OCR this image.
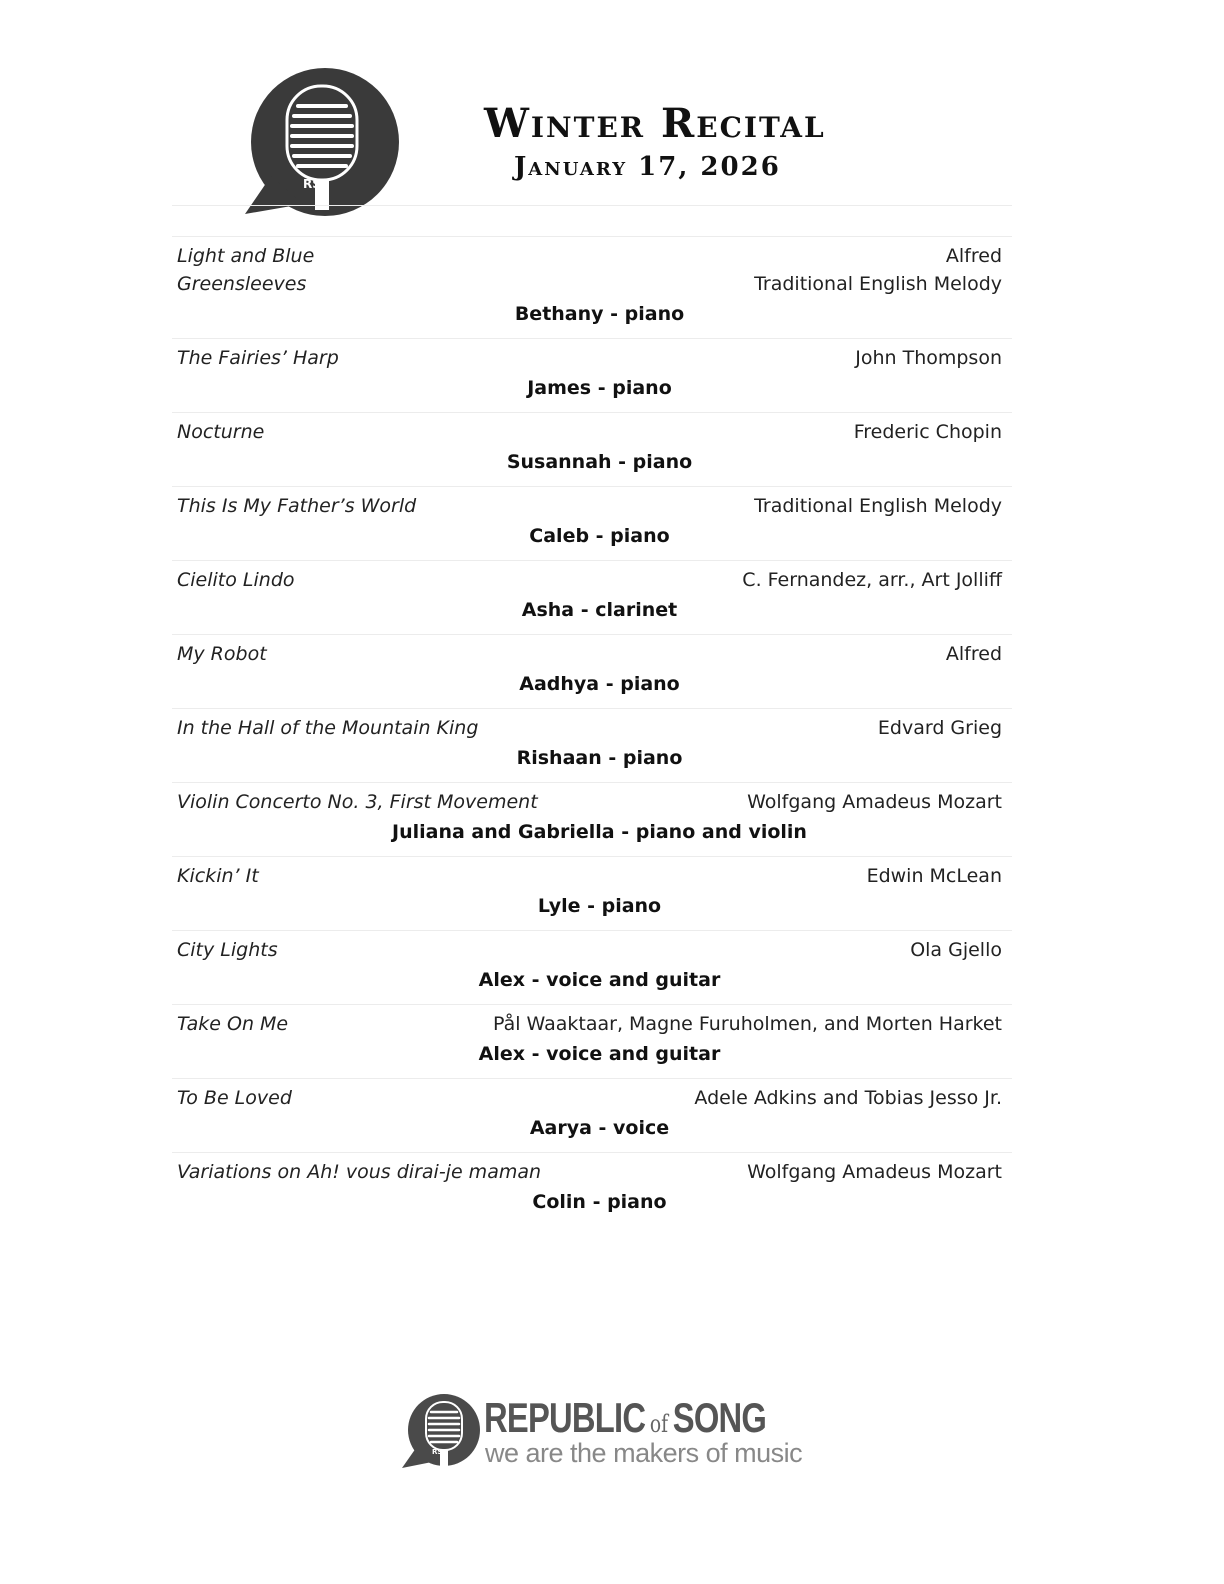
RS
Winter Recital
January 17, 2026
Light and Blue	Alfred
Greensleeves	Traditional English Melody
Bethany - piano
The Fairies’ Harp	John Thompson
James - piano
Nocturne	Frederic Chopin
Susannah - piano
This Is My Father’s World	Traditional English Melody
Caleb - piano
Cielito Lindo	C. Fernandez, arr., Art Jolliff
Asha - clarinet
My Robot	Alfred
Aadhya - piano
In the Hall of the Mountain King	Edvard Grieg
Rishaan - piano
Violin Concerto No. 3, First Movement	Wolfgang Amadeus Mozart
Juliana and Gabriella - piano and violin
Kickin’ It	Edwin McLean
Lyle - piano
City Lights	Ola Gjello
Alex - voice and guitar
Take On Me	Pål Waaktaar, Magne Furuholmen, and Morten Harket
Alex - voice and guitar
To Be Loved	Adele Adkins and Tobias Jesso Jr.
Aarya - voice
Variations on Ah! vous dirai-je maman	Wolfgang Amadeus Mozart
Colin - piano
RS
REPUBLIC of SONG
we are the makers of music
